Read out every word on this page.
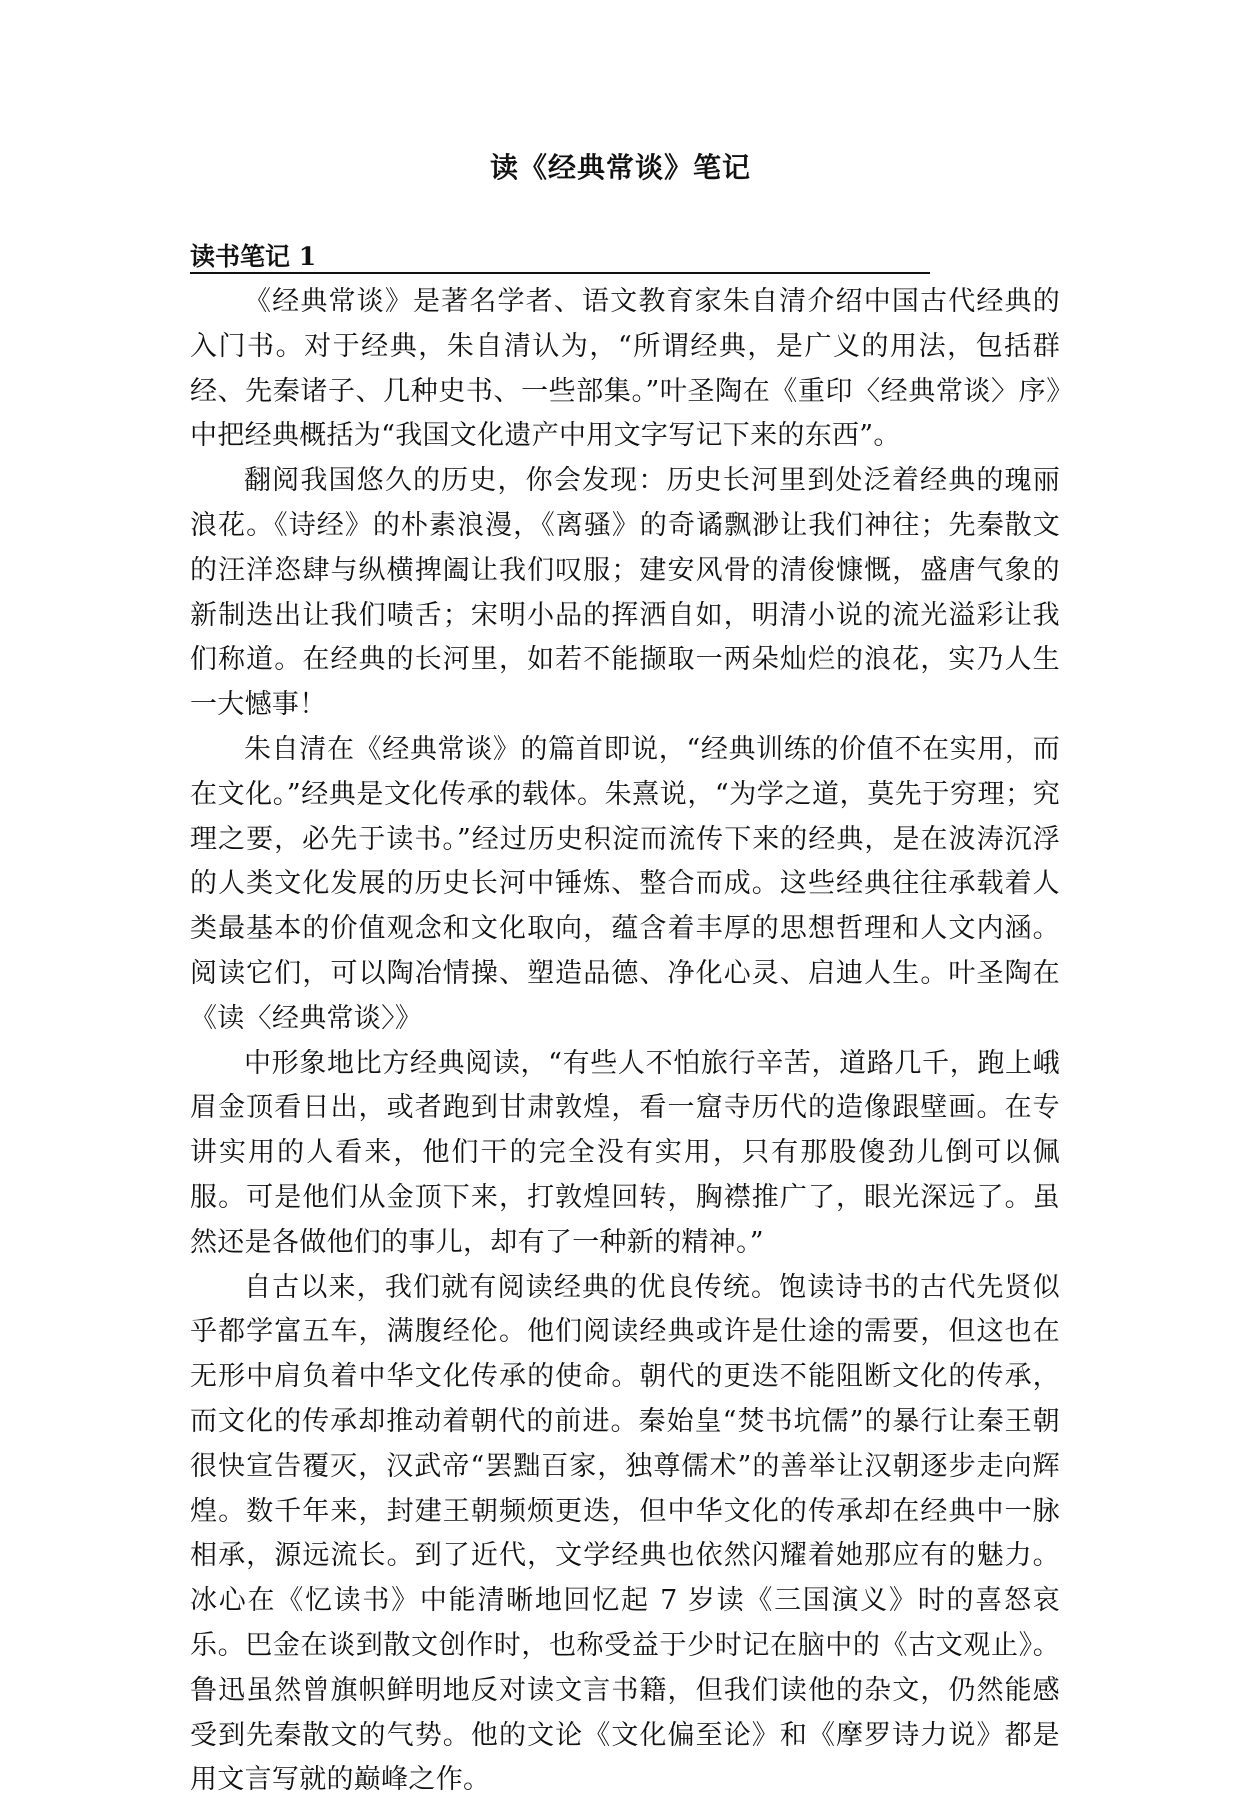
读《经典常谈》笔记
读书笔记 1

《经典常谈》是著名学者、语文教育家朱自清介绍中国古代经典的入门书。对于经典，朱自清认为，“所谓经典，是广义的用法，包括群经、先秦诸子、几种史书、一些部集。”叶圣陶在《重印〈经典常谈〉序》中把经典概括为“我国文化遗产中用文字写记下来的东西”。

翻阅我国悠久的历史，你会发现：历史长河里到处泛着经典的瑰丽浪花。《诗经》的朴素浪漫，《离骚》的奇谲飘渺让我们神往；先秦散文的汪洋恣肆与纵横捭阖让我们叹服；建安风骨的清俊慷慨，盛唐气象的新制迭出让我们啧舌；宋明小品的挥洒自如，明清小说的流光溢彩让我们称道。在经典的长河里，如若不能撷取一两朵灿烂的浪花，实乃人生一大憾事！

朱自清在《经典常谈》的篇首即说，“经典训练的价值不在实用，而在文化。”经典是文化传承的载体。朱熹说，“为学之道，莫先于穷理；究理之要，必先于读书。”经过历史积淀而流传下来的经典，是在波涛沉浮的人类文化发展的历史长河中锤炼、整合而成。这些经典往往承载着人类最基本的价值观念和文化取向，蕴含着丰厚的思想哲理和人文内涵。阅读它们，可以陶冶情操、塑造品德、净化心灵、启迪人生。叶圣陶在《读〈经典常谈〉》

中形象地比方经典阅读，“有些人不怕旅行辛苦，道路几千，跑上峨眉金顶看日出，或者跑到甘肃敦煌，看一窟寺历代的造像跟壁画。在专讲实用的人看来，他们干的完全没有实用，只有那股傻劲儿倒可以佩服。可是他们从金顶下来，打敦煌回转，胸襟推广了，眼光深远了。虽然还是各做他们的事儿，却有了一种新的精神。”

自古以来，我们就有阅读经典的优良传统。饱读诗书的古代先贤似乎都学富五车，满腹经伦。他们阅读经典或许是仕途的需要，但这也在无形中肩负着中华文化传承的使命。朝代的更迭不能阻断文化的传承，而文化的传承却推动着朝代的前进。秦始皇“焚书坑儒”的暴行让秦王朝很快宣告覆灭，汉武帝“罢黜百家，独尊儒术”的善举让汉朝逐步走向辉煌。数千年来，封建王朝频烦更迭，但中华文化的传承却在经典中一脉相承，源远流长。到了近代，文学经典也依然闪耀着她那应有的魅力。冰心在《忆读书》中能清晰地回忆起 7 岁读《三国演义》时的喜怒哀乐。巴金在谈到散文创作时，也称受益于少时记在脑中的《古文观止》。鲁迅虽然曾旗帜鲜明地反对读文言书籍，但我们读他的杂文，仍然能感受到先秦散文的气势。他的文论《文化偏至论》和《摩罗诗力说》都是用文言写就的巅峰之作。
